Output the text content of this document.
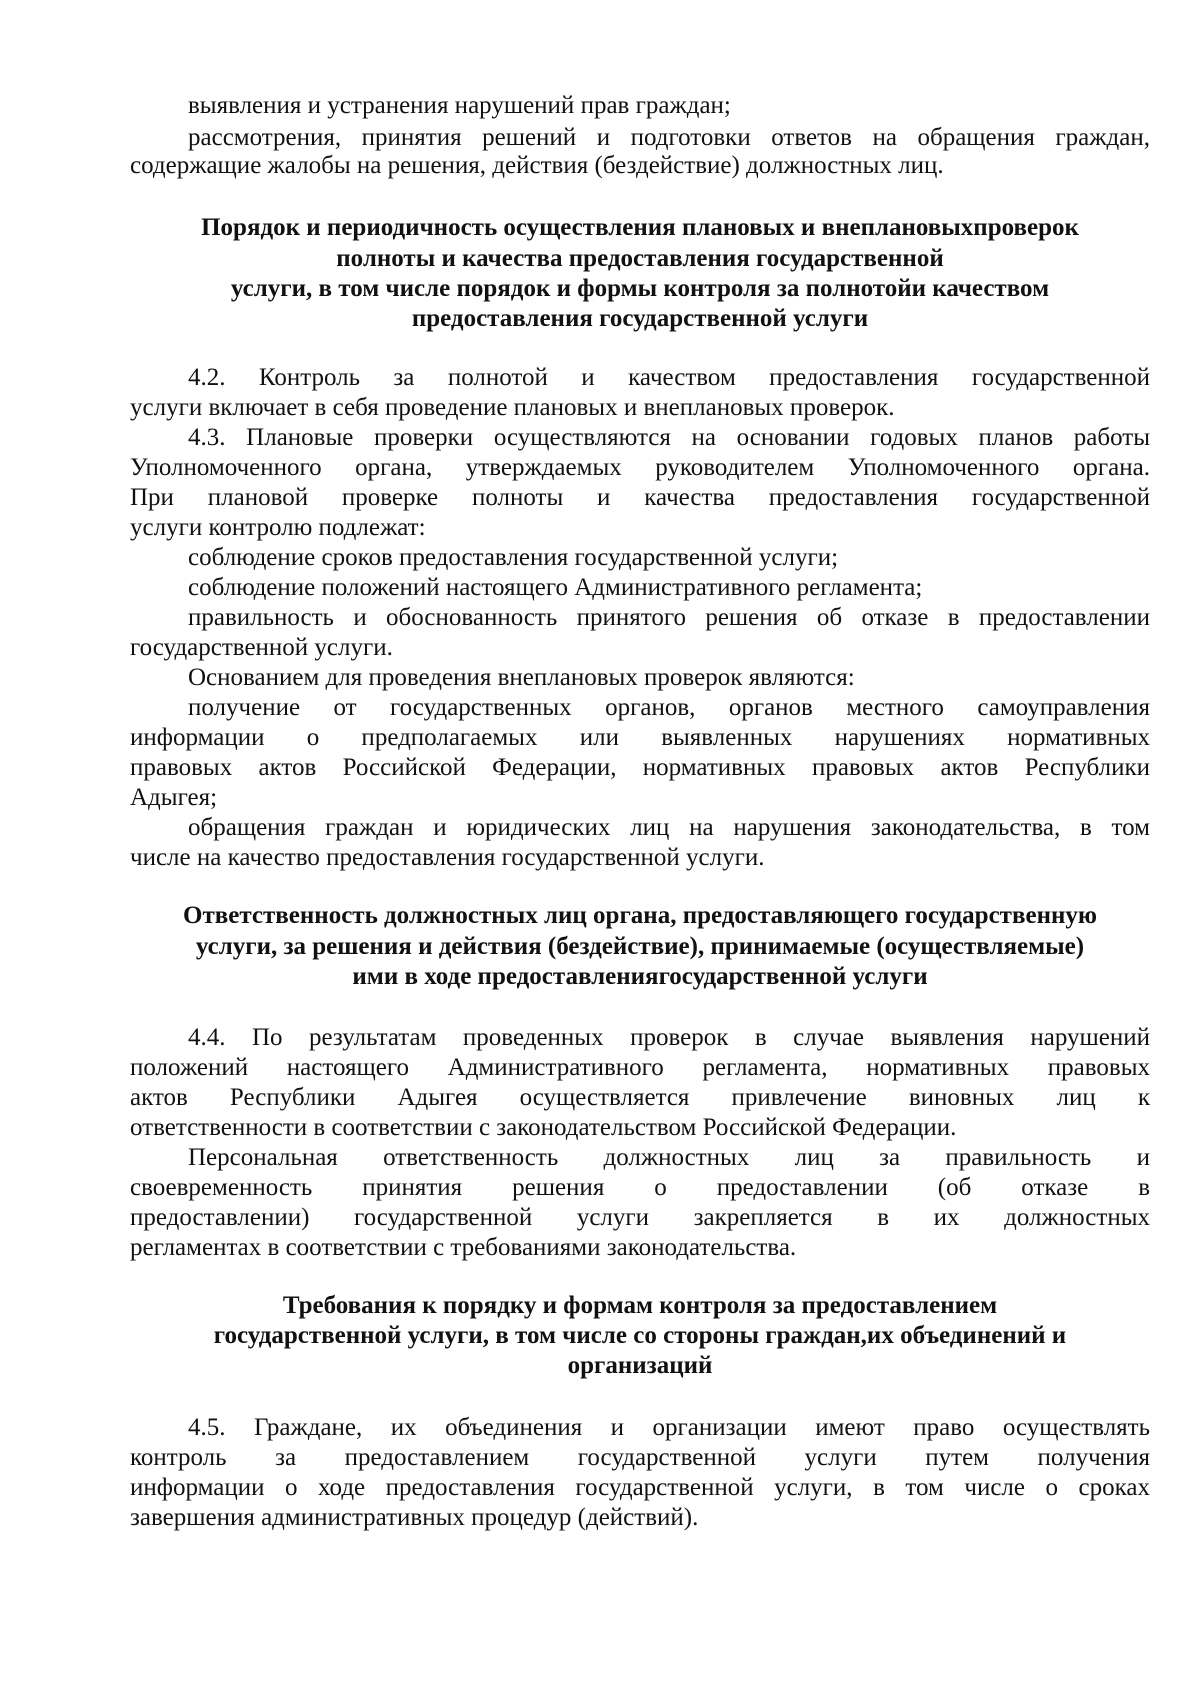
выявления и устранения нарушений прав граждан;
рассмотрения, принятия решений и подготовки ответов на обращения граждан,
содержащие жалобы на решения, действия (бездействие) должностных лиц.
Порядок и периодичность осуществления плановых и внеплановыхпроверок
полноты и качества предоставления государственной
услуги, в том числе порядок и формы контроля за полнотойи качеством
предоставления государственной услуги
4.2. Контроль за полнотой и качеством предоставления государственной
услуги включает в себя проведение плановых и внеплановых проверок.
4.3. Плановые проверки осуществляются на основании годовых планов работы
Уполномоченного органа, утверждаемых руководителем Уполномоченного органа.
При плановой проверке полноты и качества предоставления государственной
услуги контролю подлежат:
соблюдение сроков предоставления государственной услуги;
соблюдение положений настоящего Административного регламента;
правильность и обоснованность принятого решения об отказе в предоставлении
государственной услуги.
Основанием для проведения внеплановых проверок являются:
получение от государственных органов, органов местного самоуправления
информации о предполагаемых или выявленных нарушениях нормативных
правовых актов Российской Федерации, нормативных правовых актов Республики
Адыгея;
обращения граждан и юридических лиц на нарушения законодательства, в том
числе на качество предоставления государственной услуги.
Ответственность должностных лиц органа, предоставляющего государственную
услуги, за решения и действия (бездействие), принимаемые (осуществляемые)
ими в ходе предоставлениягосударственной услуги
4.4. По результатам проведенных проверок в случае выявления нарушений
положений настоящего Административного регламента, нормативных правовых
актов Республики Адыгея осуществляется привлечение виновных лиц к
ответственности в соответствии с законодательством Российской Федерации.
Персональная ответственность должностных лиц за правильность и
своевременность принятия решения о предоставлении (об отказе в
предоставлении) государственной услуги закрепляется в их должностных
регламентах в соответствии с требованиями законодательства.
Требования к порядку и формам контроля за предоставлением
государственной услуги, в том числе со стороны граждан,их объединений и
организаций
4.5. Граждане, их объединения и организации имеют право осуществлять
контроль за предоставлением государственной услуги путем получения
информации о ходе предоставления государственной услуги, в том числе о сроках
завершения административных процедур (действий).
